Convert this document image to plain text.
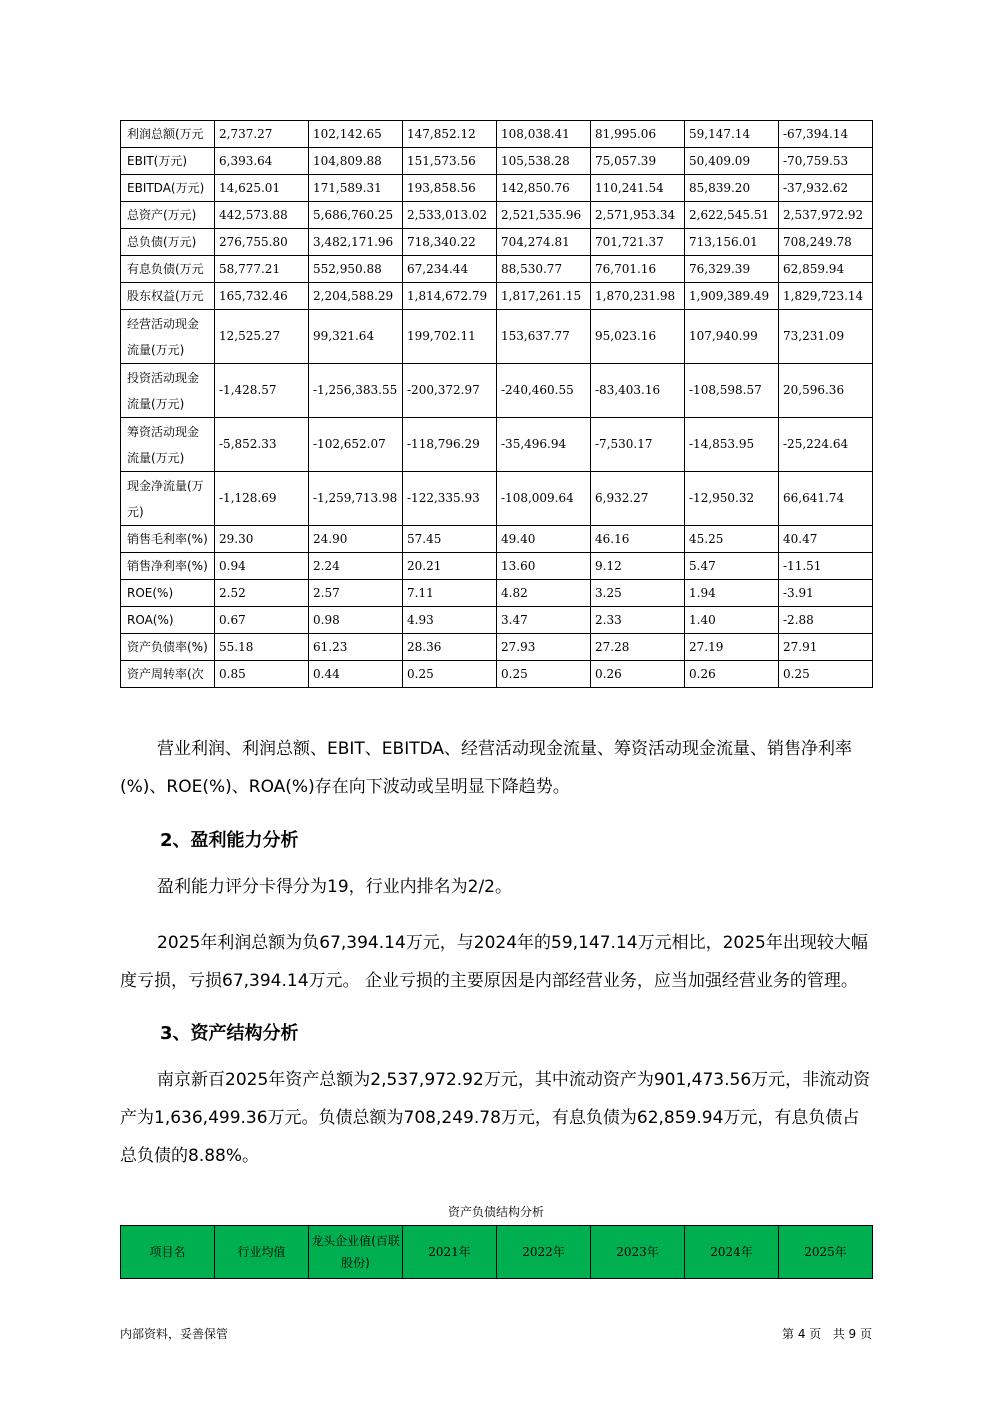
利润总额(万元	2,737.27	102,142.65	147,852.12	108,038.41	81,995.06	59,147.14	-67,394.14
EBIT(万元)	6,393.64	104,809.88	151,573.56	105,538.28	75,057.39	50,409.09	-70,759.53
EBITDA(万元)	14,625.01	171,589.31	193,858.56	142,850.76	110,241.54	85,839.20	-37,932.62
总资产(万元)	442,573.88	5,686,760.25	2,533,013.02	2,521,535.96	2,571,953.34	2,622,545.51	2,537,972.92
总负债(万元)	276,755.80	3,482,171.96	718,340.22	704,274.81	701,721.37	713,156.01	708,249.78
有息负债(万元	58,777.21	552,950.88	67,234.44	88,530.77	76,701.16	76,329.39	62,859.94
股东权益(万元	165,732.46	2,204,588.29	1,814,672.79	1,817,261.15	1,870,231.98	1,909,389.49	1,829,723.14
经营活动现金流量(万元)	12,525.27	99,321.64	199,702.11	153,637.77	95,023.16	107,940.99	73,231.09
投资活动现金流量(万元)	-1,428.57	-1,256,383.55	-200,372.97	-240,460.55	-83,403.16	-108,598.57	20,596.36
筹资活动现金流量(万元)	-5,852.33	-102,652.07	-118,796.29	-35,496.94	-7,530.17	-14,853.95	-25,224.64
现金净流量(万元)	-1,128.69	-1,259,713.98	-122,335.93	-108,009.64	6,932.27	-12,950.32	66,641.74
销售毛利率(%)	29.30	24.90	57.45	49.40	46.16	45.25	40.47
销售净利率(%)	0.94	2.24	20.21	13.60	9.12	5.47	-11.51
ROE(%)	2.52	2.57	7.11	4.82	3.25	1.94	-3.91
ROA(%)	0.67	0.98	4.93	3.47	2.33	1.40	-2.88
资产负债率(%)	55.18	61.23	28.36	27.93	27.28	27.19	27.91
资产周转率(次	0.85	0.44	0.25	0.25	0.26	0.26	0.25
营业利润、利润总额、EBIT、EBITDA、经营活动现金流量、筹资活动现金流量、销售净利率(%)、ROE(%)、ROA(%)存在向下波动或呈明显下降趋势。
2、盈利能力分析
盈利能力评分卡得分为19，行业内排名为2/2。
2025年利润总额为负67,394.14万元，与2024年的59,147.14万元相比，2025年出现较大幅度亏损，亏损67,394.14万元。 企业亏损的主要原因是内部经营业务，应当加强经营业务的管理。
3、资产结构分析
南京新百2025年资产总额为2,537,972.92万元，其中流动资产为901,473.56万元，非流动资产为1,636,499.36万元。负债总额为708,249.78万元，有息负债为62,859.94万元，有息负债占总负债的8.88%。
资产负债结构分析
项目名	行业均值	龙头企业值(百联股份)	2021年	2022年	2023年	2024年	2025年
内部资料，妥善保管	第 4 页   共 9 页
